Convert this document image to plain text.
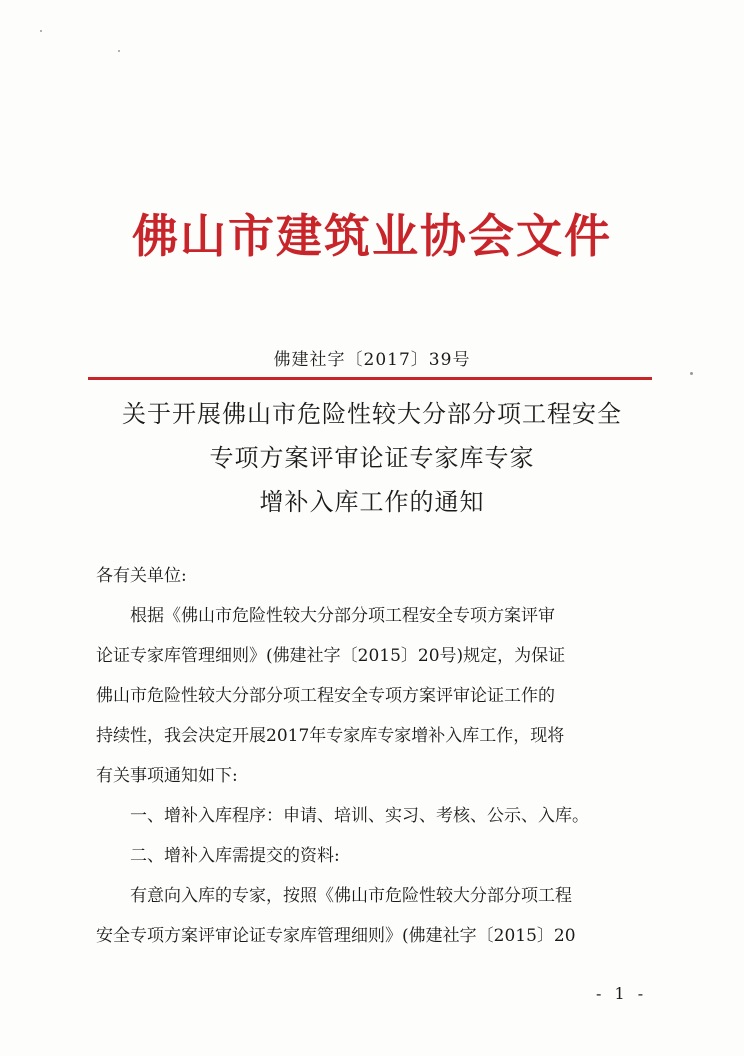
佛山市建筑业协会文件
佛建社字〔2017〕39号
关于开展佛山市危险性较大分部分项工程安全
专项方案评审论证专家库专家
增补入库工作的通知

各有关单位:

根据《佛山市危险性较大分部分项工程安全专项方案评审

论证专家库管理细则》(佛建社字〔2015〕20号)规定，为保证

佛山市危险性较大分部分项工程安全专项方案评审论证工作的

持续性，我会决定开展2017年专家库专家增补入库工作，现将

有关事项通知如下:

一、增补入库程序：申请、培训、实习、考核、公示、入库。

二、增补入库需提交的资料:

有意向入库的专家，按照《佛山市危险性较大分部分项工程

安全专项方案评审论证专家库管理细则》(佛建社字〔2015〕20

- 1 -
